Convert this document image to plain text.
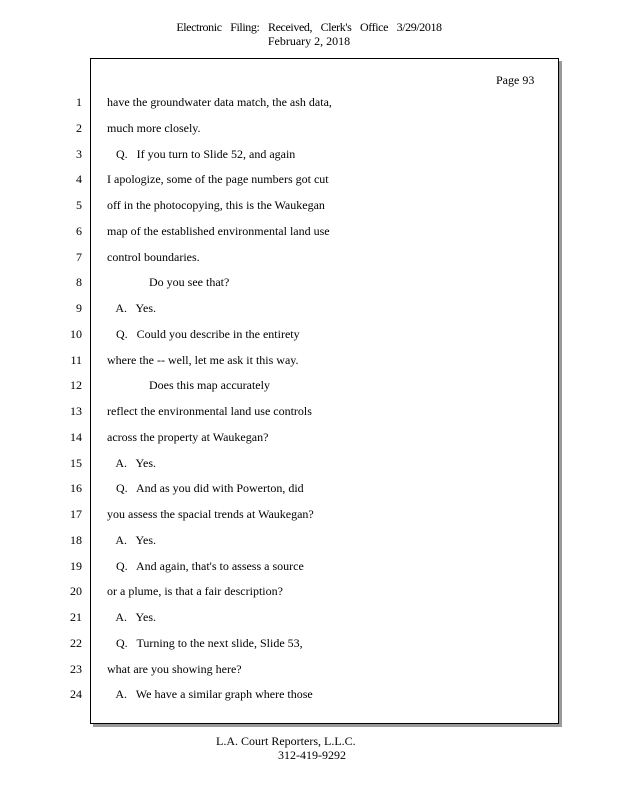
Electronic Filing: Received, Clerk's Office 3/29/2018
February 2, 2018
Page 93
1 have the groundwater data match, the ash data,
2 much more closely.
3 Q.   If you turn to Slide 52, and again
4 I apologize, some of the page numbers got cut
5 off in the photocopying, this is the Waukegan
6 map of the established environmental land use
7 control boundaries.
8 Do you see that?
9 A.   Yes.
10 Q.   Could you describe in the entirety
11 where the -- well, let me ask it this way.
12 Does this map accurately
13 reflect the environmental land use controls
14 across the property at Waukegan?
15 A.   Yes.
16 Q.   And as you did with Powerton, did
17 you assess the spacial trends at Waukegan?
18 A.   Yes.
19 Q.   And again, that's to assess a source
20 or a plume, is that a fair description?
21 A.   Yes.
22 Q.   Turning to the next slide, Slide 53,
23 what are you showing here?
24 A.   We have a similar graph where those
L.A. Court Reporters, L.L.C.
312-419-9292
